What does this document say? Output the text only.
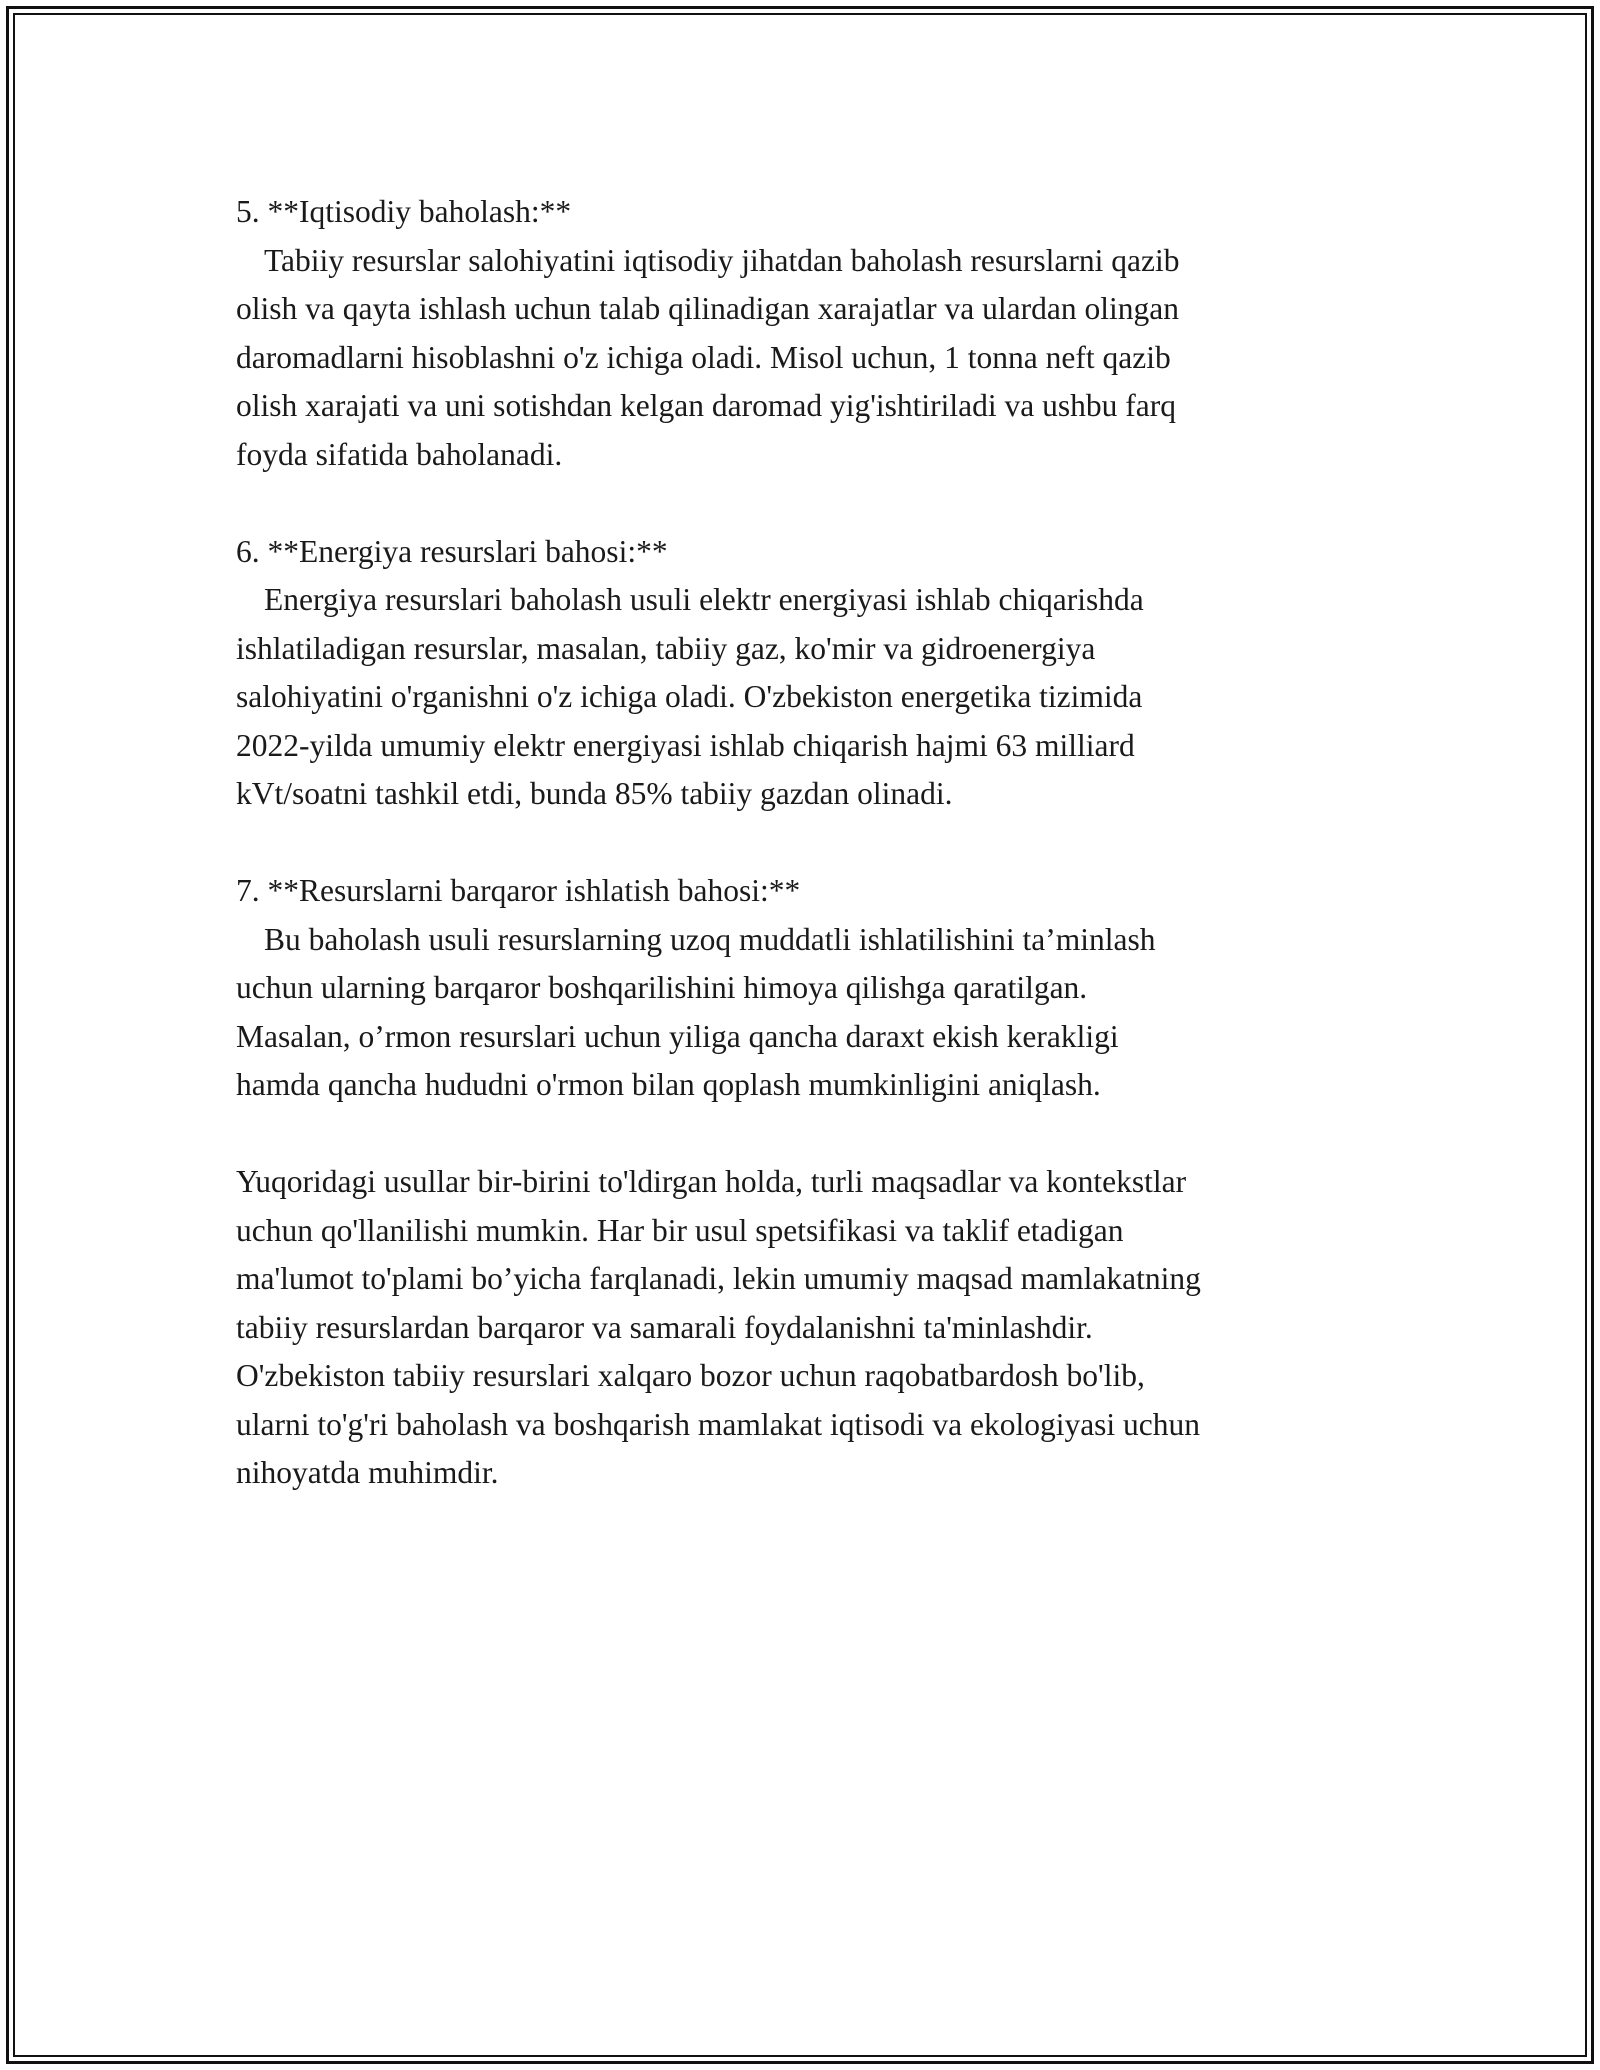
5. **Iqtisodiy baholash:**
Tabiiy resurslar salohiyatini iqtisodiy jihatdan baholash resurslarni qazib
olish va qayta ishlash uchun talab qilinadigan xarajatlar va ulardan olingan
daromadlarni hisoblashni o'z ichiga oladi. Misol uchun, 1 tonna neft qazib
olish xarajati va uni sotishdan kelgan daromad yig'ishtiriladi va ushbu farq
foyda sifatida baholanadi.
6. **Energiya resurslari bahosi:**
Energiya resurslari baholash usuli elektr energiyasi ishlab chiqarishda
ishlatiladigan resurslar, masalan, tabiiy gaz, ko'mir va gidroenergiya
salohiyatini o'rganishni o'z ichiga oladi. O'zbekiston energetika tizimida
2022-yilda umumiy elektr energiyasi ishlab chiqarish hajmi 63 milliard
kVt/soatni tashkil etdi, bunda 85% tabiiy gazdan olinadi.
7. **Resurslarni barqaror ishlatish bahosi:**
Bu baholash usuli resurslarning uzoq muddatli ishlatilishini ta’minlash
uchun ularning barqaror boshqarilishini himoya qilishga qaratilgan.
Masalan, o’rmon resurslari uchun yiliga qancha daraxt ekish kerakligi
hamda qancha hududni o'rmon bilan qoplash mumkinligini aniqlash.
Yuqoridagi usullar bir-birini to'ldirgan holda, turli maqsadlar va kontekstlar
uchun qo'llanilishi mumkin. Har bir usul spetsifikasi va taklif etadigan
ma'lumot to'plami bo’yicha farqlanadi, lekin umumiy maqsad mamlakatning
tabiiy resurslardan barqaror va samarali foydalanishni ta'minlashdir.
O'zbekiston tabiiy resurslari xalqaro bozor uchun raqobatbardosh bo'lib,
ularni to'g'ri baholash va boshqarish mamlakat iqtisodi va ekologiyasi uchun
nihoyatda muhimdir.
